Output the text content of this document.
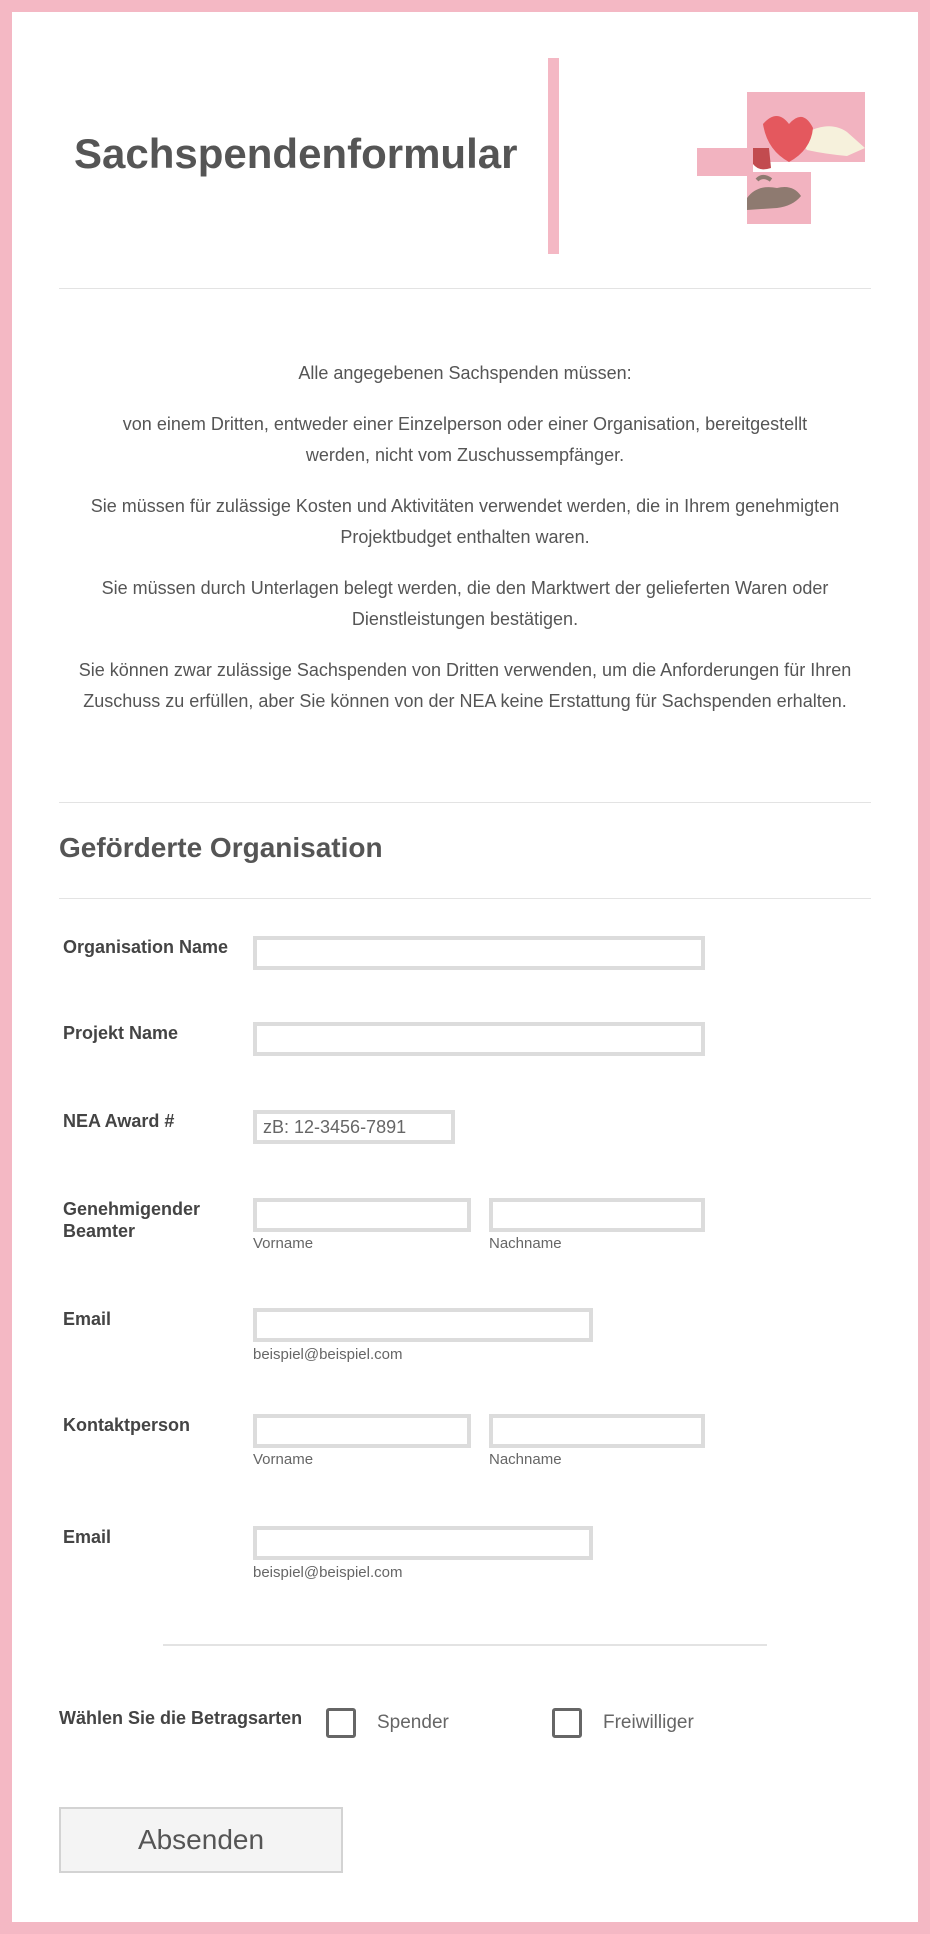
Sachspendenformular

Alle angegebenen Sachspenden müssen:

von einem Dritten, entweder einer Einzelperson oder einer Organisation, bereitgestellt werden, nicht vom Zuschussempfänger.

Sie müssen für zulässige Kosten und Aktivitäten verwendet werden, die in Ihrem genehmigten Projektbudget enthalten waren.

Sie müssen durch Unterlagen belegt werden, die den Marktwert der gelieferten Waren oder Dienstleistungen bestätigen.

Sie können zwar zulässige Sachspenden von Dritten verwenden, um die Anforderungen für Ihren Zuschuss zu erfüllen, aber Sie können von der NEA keine Erstattung für Sachspenden erhalten.

Geförderte Organisation
Organisation Name
Projekt Name
NEA Award #
zB: 12-3456-7891
Genehmigender Beamter
Vorname	Nachname
Email
beispiel@beispiel.com
Kontaktperson
Vorname	Nachname
Email
beispiel@beispiel.com
Wählen Sie die Betragsarten	Spender	Freiwilliger
Absenden
